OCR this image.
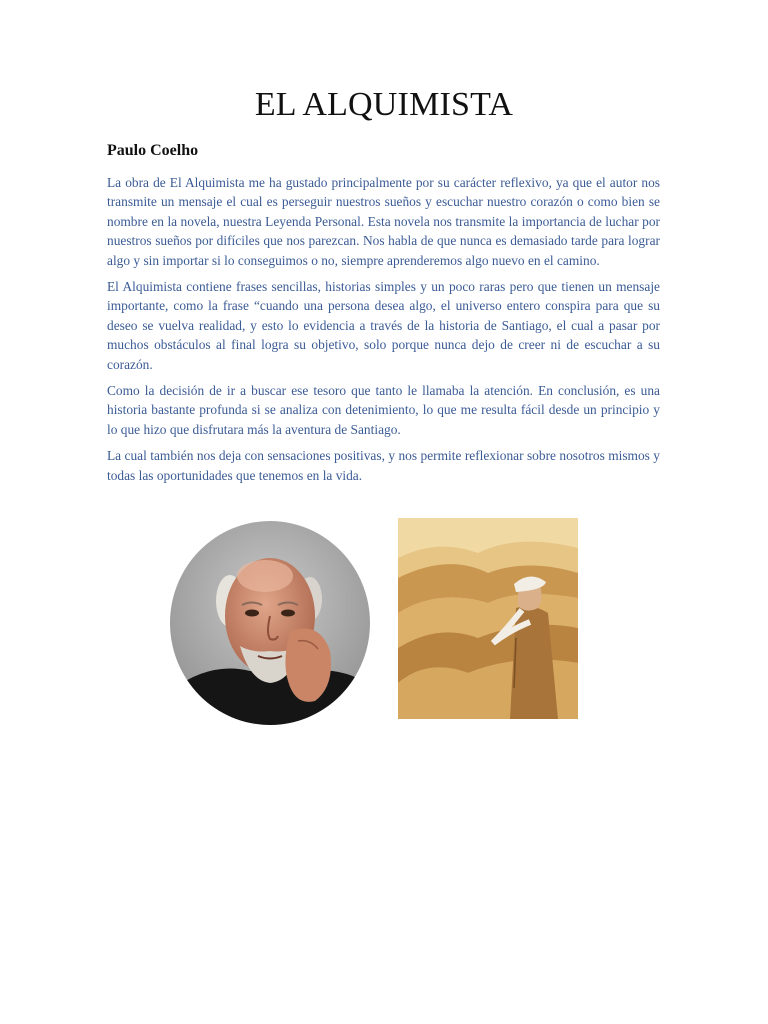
EL ALQUIMISTA
Paulo Coelho

La obra de El Alquimista me ha gustado principalmente por su carácter reflexivo, ya que el autor nos transmite un mensaje el cual es perseguir nuestros sueños y escuchar nuestro corazón o como bien se nombre en la novela, nuestra Leyenda Personal. Esta novela nos transmite la importancia de luchar por nuestros sueños por difíciles que nos parezcan. Nos habla de que nunca es demasiado tarde para lograr algo y sin importar si lo conseguimos o no, siempre aprenderemos algo nuevo en el camino.

El Alquimista contiene frases sencillas, historias simples y un poco raras pero que tienen un mensaje importante, como la frase “cuando una persona desea algo, el universo entero conspira para que su deseo se vuelva realidad, y esto lo evidencia a través de la historia de Santiago, el cual a pasar por muchos obstáculos al final logra su objetivo, solo porque nunca dejo de creer ni de escuchar a su corazón.

Como la decisión de ir a buscar ese tesoro que tanto le llamaba la atención. En conclusión, es una historia bastante profunda si se analiza con detenimiento, lo que me resulta fácil desde un principio y lo que hizo que disfrutara más la aventura de Santiago.

La cual también nos deja con sensaciones positivas, y nos permite reflexionar sobre nosotros mismos y todas las oportunidades que tenemos en la vida.
